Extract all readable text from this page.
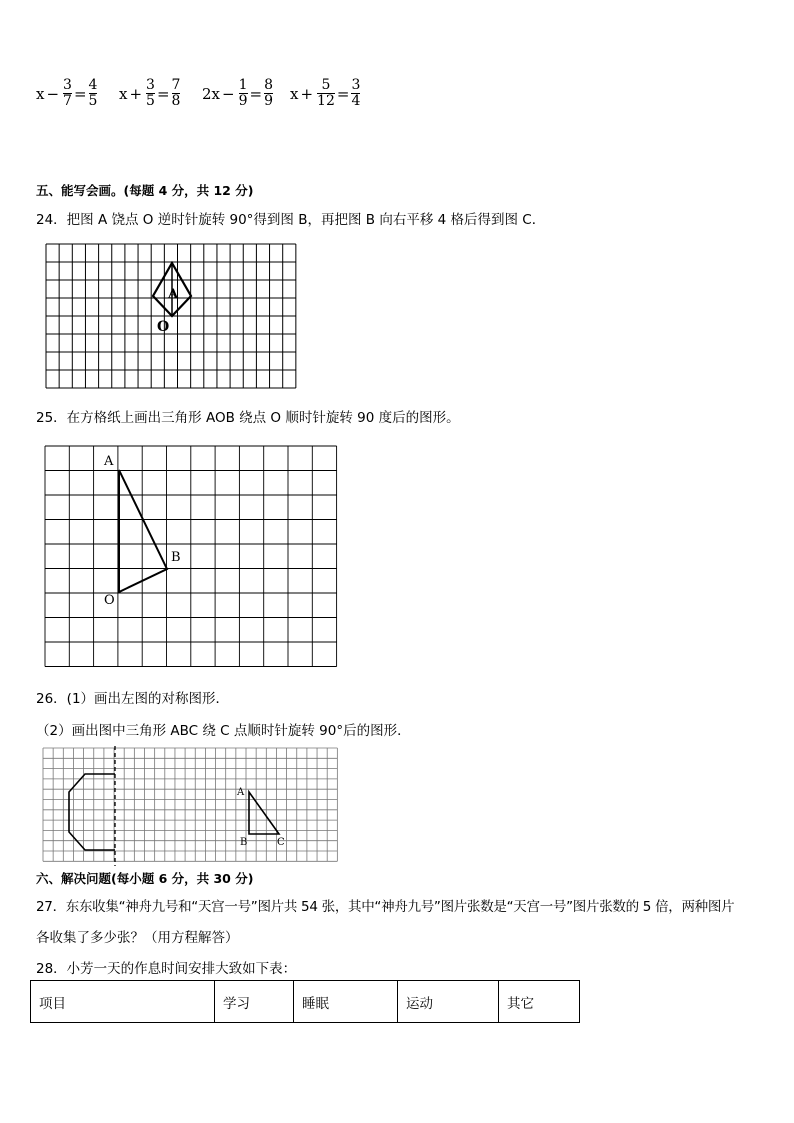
$x - \frac{3}{7} = \frac{4}{5}$ $x + \frac{3}{5} = \frac{7}{8} 2x - \frac{1}{9} = \frac{8}{9}$ $x + \frac{5}{12} = \frac{3}{4}$
五、能写会画。(每题 4 分，共 12 分)
24．把图 A 饶点 O 逆时针旋转 90°得到图 B，再把图 B 向右平移 4 格后得到图 C．
A
O
25．在方格纸上画出三角形 AOB 绕点 O 顺时针旋转 90 度后的图形。
A
B
O
26．(1）画出左图的对称图形．
（2）画出图中三角形 ABC 绕 C 点顺时针旋转 90°后的图形．
A
B	C
六、解决问题(每小题 6 分，共 30 分)
27．东东收集“神舟九号和“天宫一号”图片共 54 张，其中“神舟九号”图片张数是“天宫一号”图片张数的 5 倍，两种图片
各收集了多少张？（用方程解答）
28．小芳一天的作息时间安排大致如下表：
项目	学习	睡眠	运动	其它
